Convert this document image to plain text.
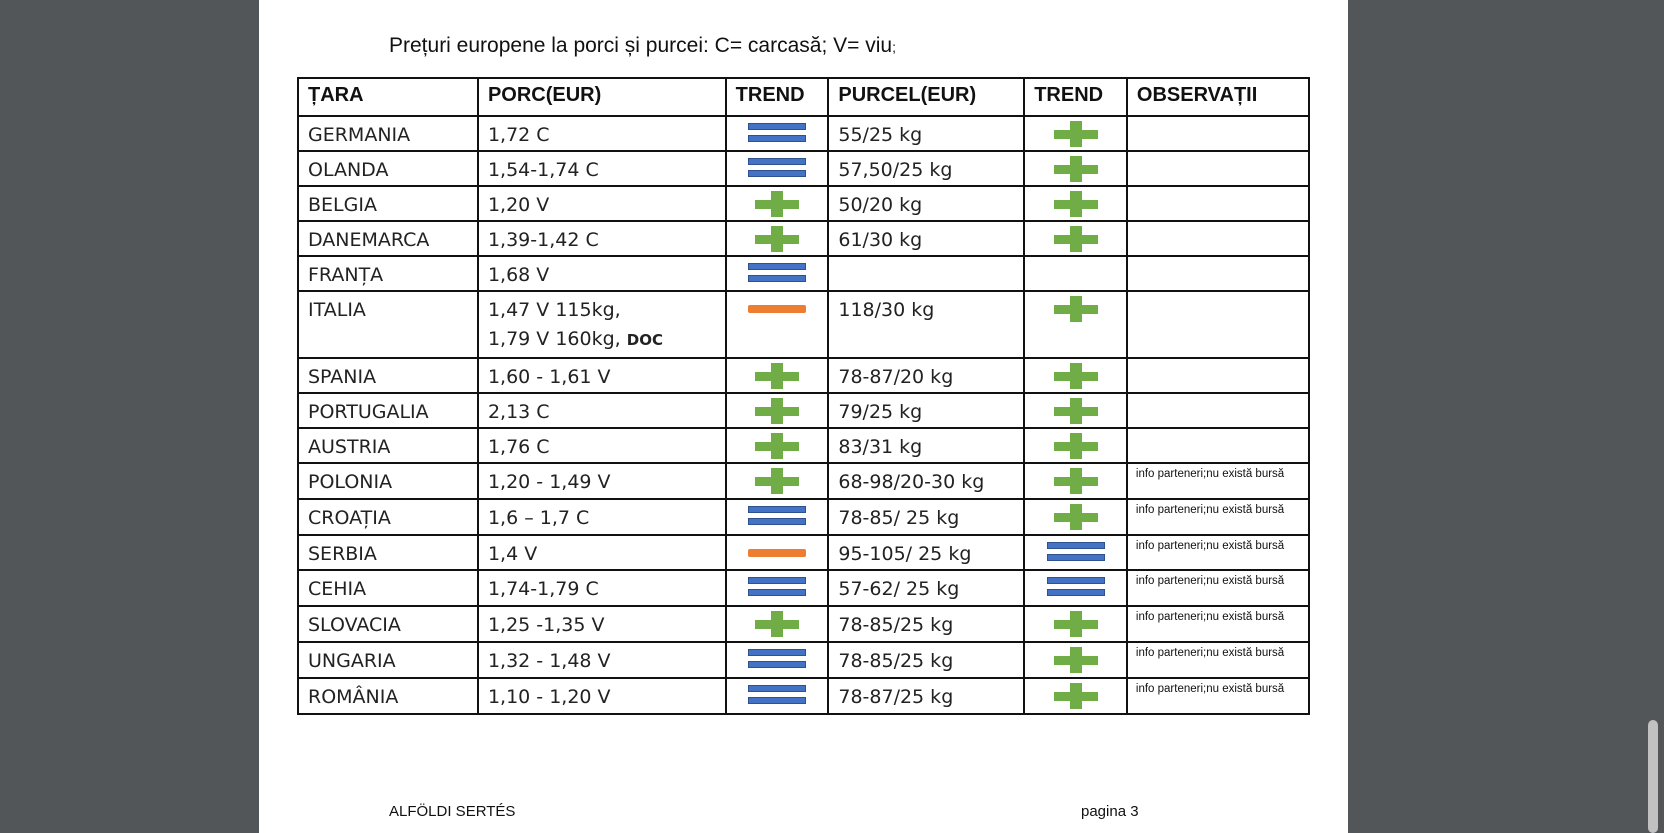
Prețuri europene la porci și purcei: C= carcasă; V= viu;
ȚARA	PORC(EUR)	TREND	PURCEL(EUR)	TREND	OBSERVAȚII
GERMANIA	1,72 C		55/25 kg	

OLANDA	1,54-1,74 C		57,50/25 kg	

BELGIA	1,20 V		50/20 kg	

DANEMARCA	1,39-1,42 C		61/30 kg	

FRANȚA	1,68 V	

ITALIA	1,47 V 115kg,
1,79 V 160kg, DOC		118/30 kg	

SPANIA	1,60 - 1,61 V		78-87/20 kg	

PORTUGALIA	2,13 C		79/25 kg	

AUSTRIA	1,76 C		83/31 kg	

POLONIA	1,20 - 1,49 V		68-98/20-30 kg		info parteneri;nu există bursă
CROAȚIA	1,6 – 1,7 C		78-85/ 25 kg		info parteneri;nu există bursă
SERBIA	1,4 V		95-105/ 25 kg		info parteneri;nu există bursă
CEHIA	1,74-1,79 C		57-62/ 25 kg		info parteneri;nu există bursă
SLOVACIA	1,25 -1,35 V		78-85/25 kg		info parteneri;nu există bursă
UNGARIA	1,32 - 1,48 V		78-85/25 kg		info parteneri;nu există bursă
ROMÂNIA	1,10 - 1,20 V		78-87/25 kg		info parteneri;nu există bursă
ALFÖLDI SERTÉS	pagina 3
